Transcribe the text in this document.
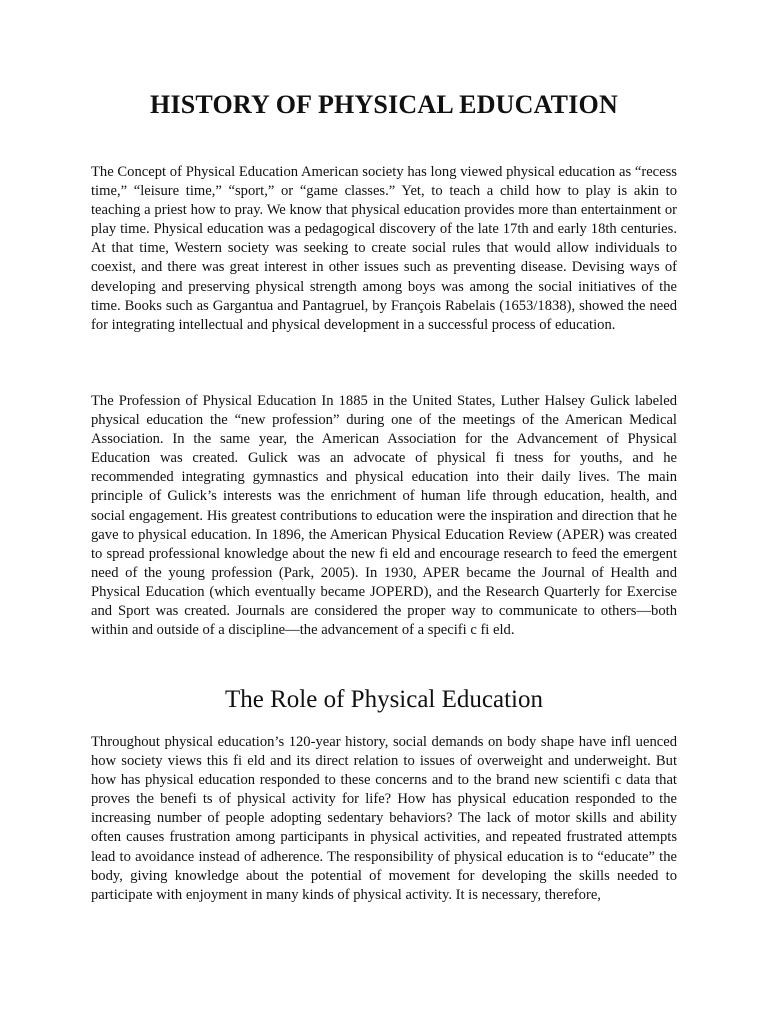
HISTORY OF PHYSICAL EDUCATION

The Concept of Physical Education American society has long viewed physical education as “recess time,” “leisure time,” “sport,” or “game classes.” Yet, to teach a child how to play is akin to teaching a priest how to pray. We know that physical education provides more than entertainment or play time. Physical education was a pedagogical discovery of the late 17th and early 18th centuries. At that time, Western society was seeking to create social rules that would allow individuals to coexist, and there was great interest in other issues such as preventing disease. Devising ways of developing and preserving physical strength among boys was among the social initiatives of the time. Books such as Gargantua and Pantagruel, by François Rabelais (1653/1838), showed the need for integrating intellectual and physical development in a successful process of education.

The Profession of Physical Education In 1885 in the United States, Luther Halsey Gulick labeled physical education the “new profession” during one of the meetings of the American Medical Association. In the same year, the American Association for the Advancement of Physical Education was created. Gulick was an advocate of physical fi tness for youths, and he recommended integrating gymnastics and physical education into their daily lives. The main principle of Gulick’s interests was the enrichment of human life through education, health, and social engagement. His greatest contributions to education were the inspiration and direction that he gave to physical education. In 1896, the American Physical Education Review (APER) was created to spread professional knowledge about the new fi eld and encourage research to feed the emergent need of the young profession (Park, 2005). In 1930, APER became the Journal of Health and Physical Education (which eventually became JOPERD), and the Research Quarterly for Exercise and Sport was created. Journals are considered the proper way to communicate to others—both within and outside of a discipline—the advancement of a specifi c fi eld.

The Role of Physical Education

Throughout physical education’s 120-year history, social demands on body shape have infl uenced how society views this fi eld and its direct relation to issues of overweight and underweight. But how has physical education responded to these concerns and to the brand new scientifi c data that proves the benefi ts of physical activity for life? How has physical education responded to the increasing number of people adopting sedentary behaviors? The lack of motor skills and ability often causes frustration among participants in physical activities, and repeated frustrated attempts lead to avoidance instead of adherence. The responsibility of physical education is to “educate” the body, giving knowledge about the potential of movement for developing the skills needed to participate with enjoyment in many kinds of physical activity. It is necessary, therefore,
